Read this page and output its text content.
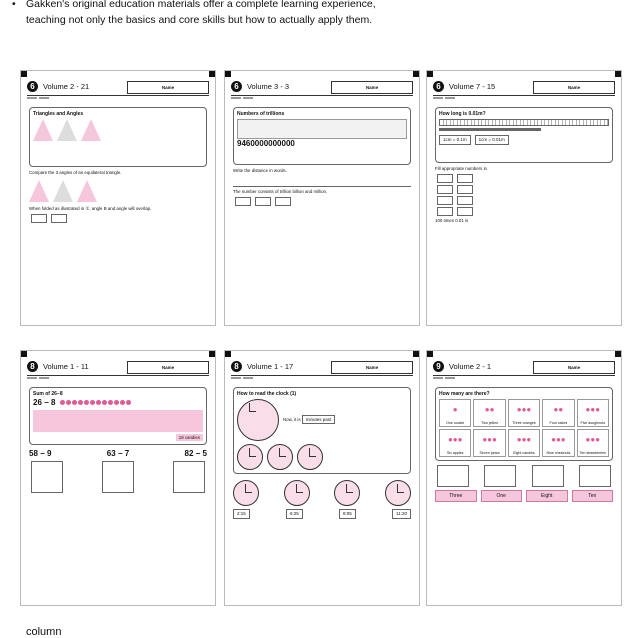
• Gakken's original education materials offer a complete learning experience, teaching not only the basics and core skills but how to actually apply them.
6 Volume 2 - 21	Name
Triangles and Angles
Compare the 3 angles of an equilateral triangle.
When folded as illustrated in ①, angle B and angle will overlap.
6 Volume 3 - 3	Name
Numbers of trillions
9460000000000
Write the distance in words.
The number consists of trillion billion and million.
6 Volume 7 - 15	Name
How long is 0.01m?
1cm = 0.1m	1cm = 0.01m
Fill appropriate numbers in
100 times 0.01 is
8 Volume 1 - 11	Name
Sum of 26−8
26 − 8
18 candies
58 − 9	63 − 7	82 − 5
8 Volume 1 - 17	Name
How to read the clock (1)
Now, it is minutes past
2:15	6:25	8:05	11:20
9 Volume 2 - 1	Name
How many are there?
●
One cookie
●●
Two jellies
●●●
Three oranges
●●
Four cakes
●●●
Five doughnuts
●●●
Six apples
●●●
Seven pears
●●●
Eight candies
●●●
Nine chestnuts
●●●
Ten strawberries
Three	One	Eight	Ten
column
